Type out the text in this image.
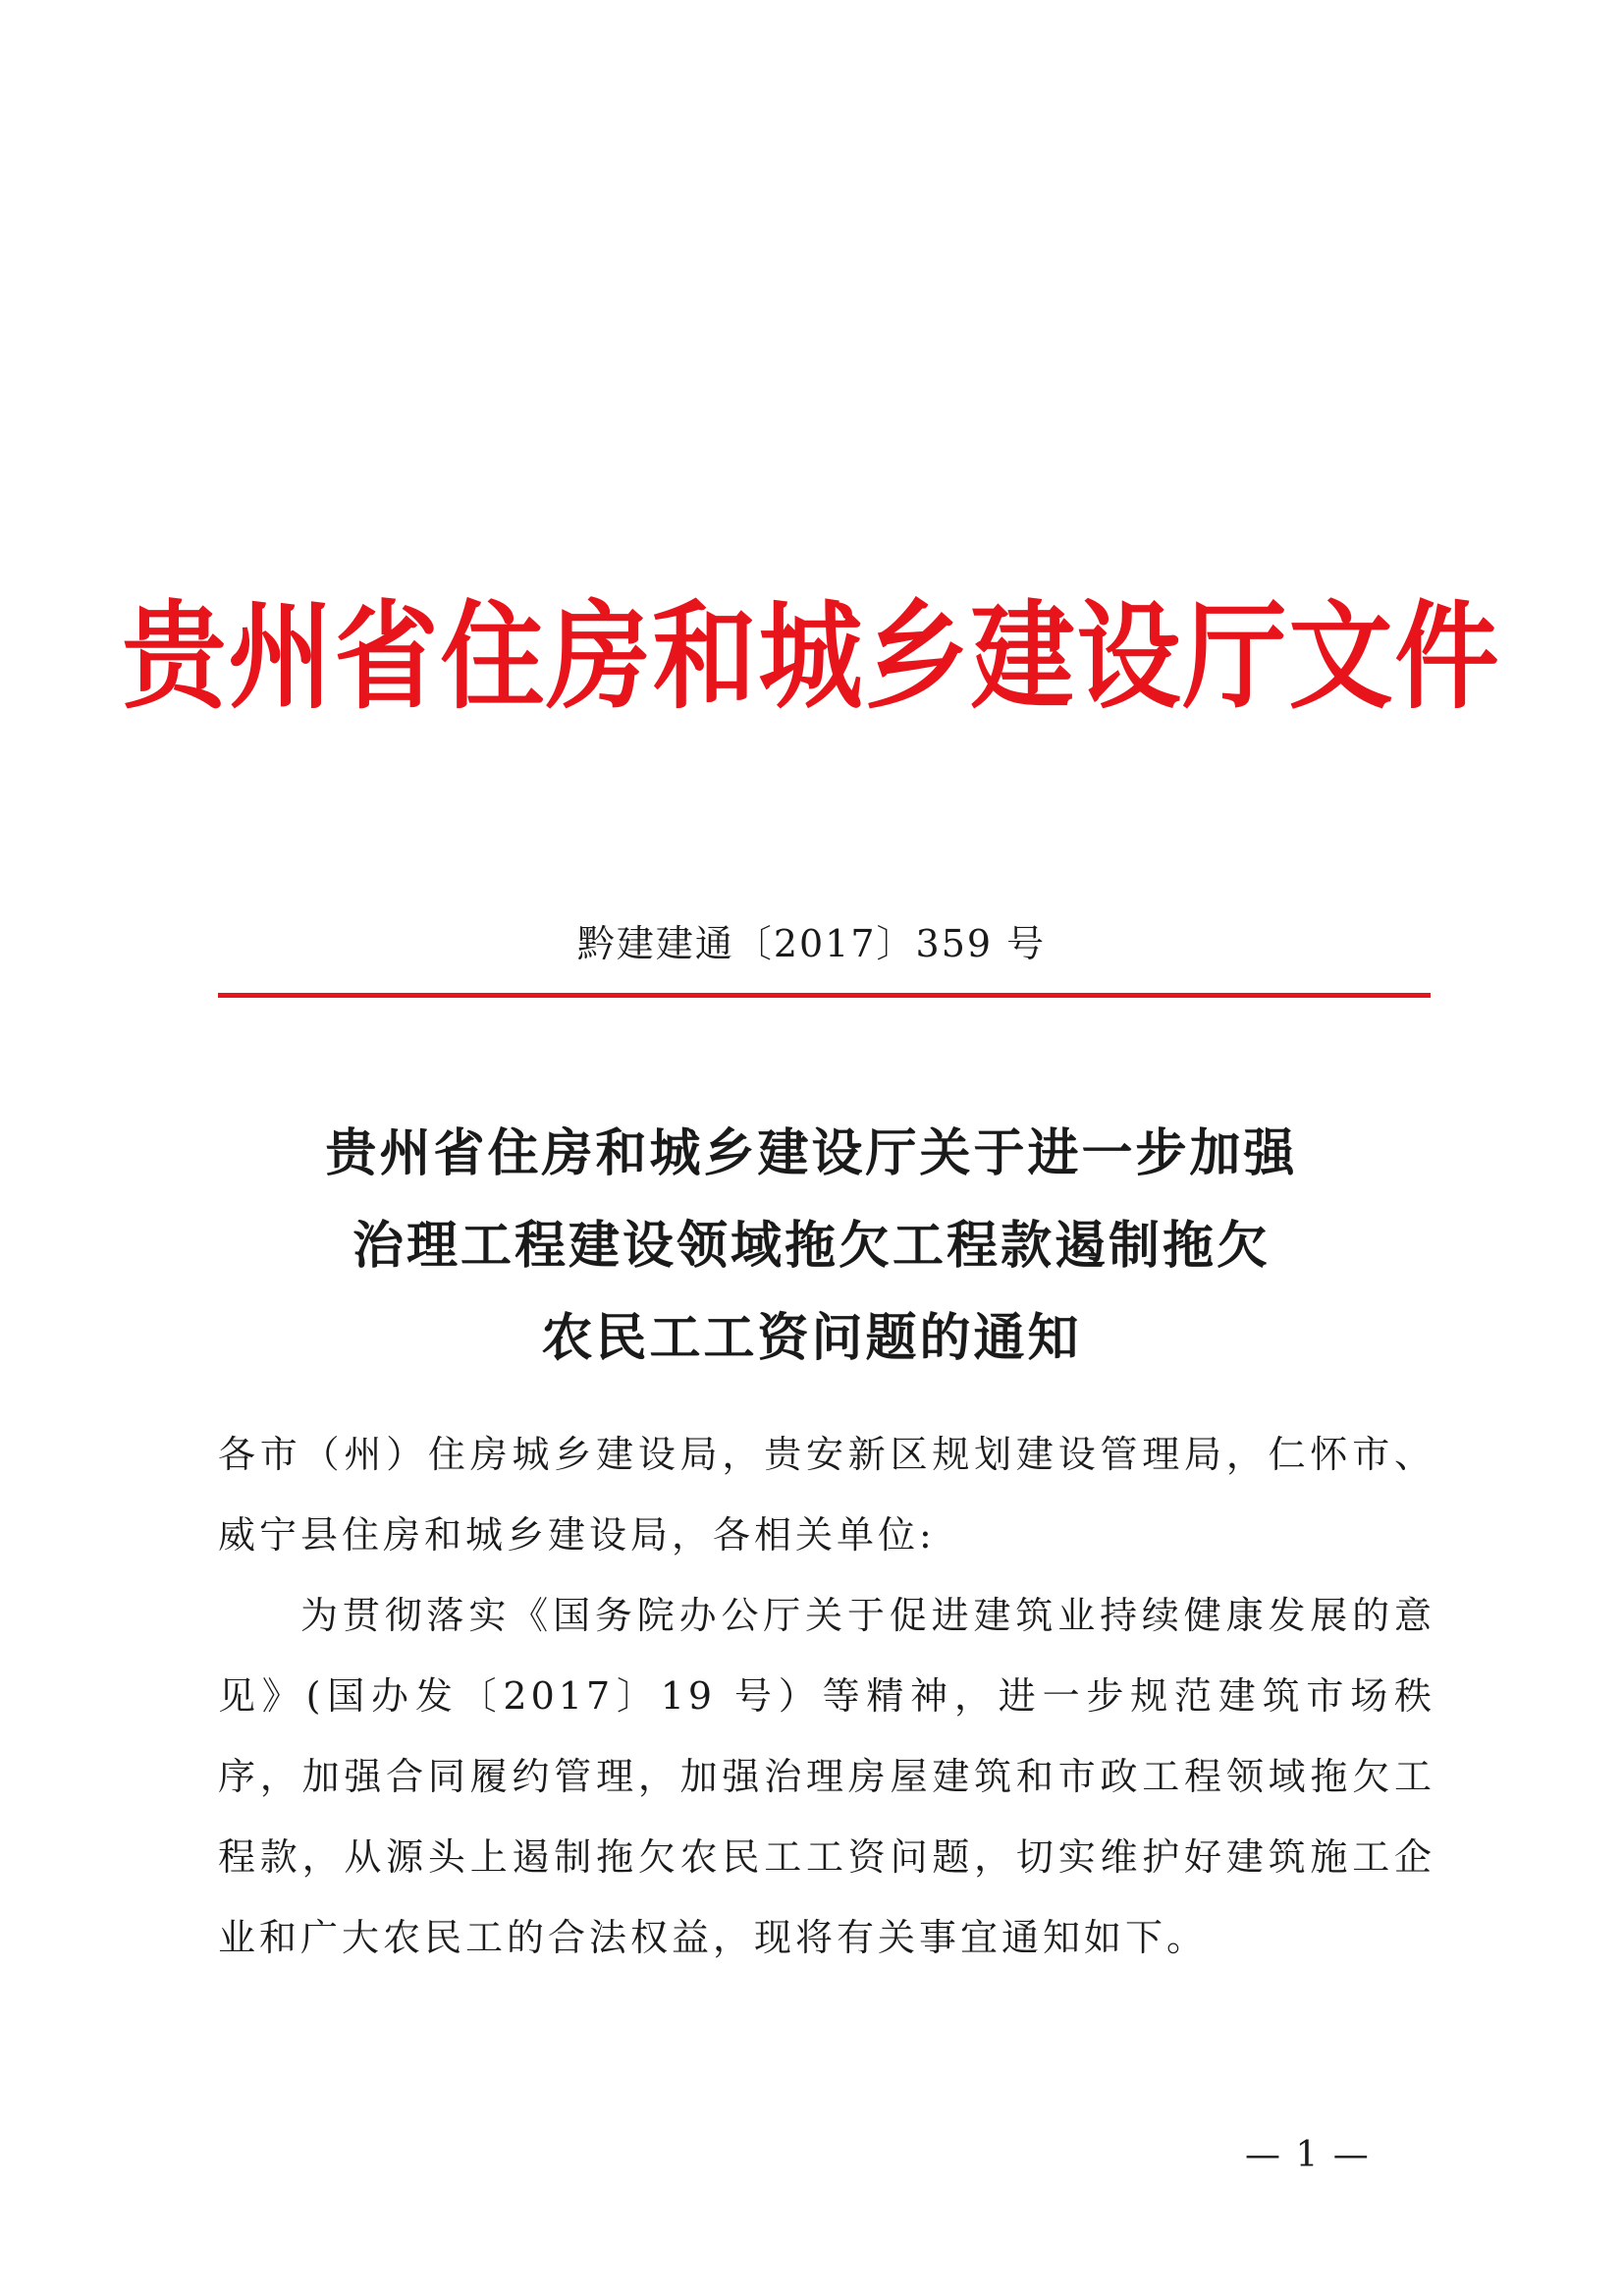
贵州省住房和城乡建设厅文件
黔建建通〔2017〕359 号
贵州省住房和城乡建设厅关于进一步加强
治理工程建设领域拖欠工程款遏制拖欠
农民工工资问题的通知

各市（州）住房城乡建设局，贵安新区规划建设管理局，仁怀市、威宁县住房和城乡建设局，各相关单位:

为贯彻落实《国务院办公厅关于促进建筑业持续健康发展的意见》(国办发〔2017〕19 号）等精神，进一步规范建筑市场秩序，加强合同履约管理，加强治理房屋建筑和市政工程领域拖欠工程款，从源头上遏制拖欠农民工工资问题，切实维护好建筑施工企业和广大农民工的合法权益，现将有关事宜通知如下。

— 1 —
